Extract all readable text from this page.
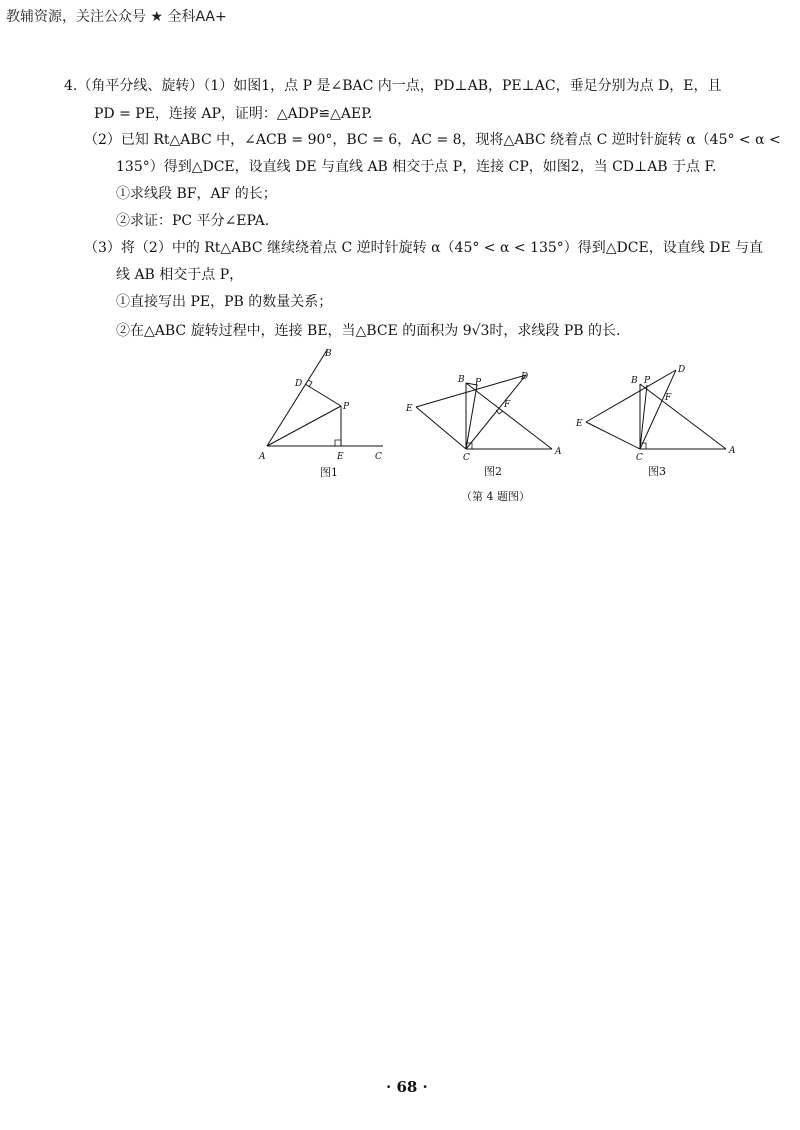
教辅资源，关注公众号 ★ 全科AA+
4.（角平分线、旋转）（1）如图1，点 P 是∠BAC 内一点，PD⊥AB，PE⊥AC，垂足分别为点 D，E，且
PD = PE，连接 AP，证明：△ADP≌△AEP.
（2）已知 Rt△ABC 中，∠ACB = 90°，BC = 6，AC = 8，现将△ABC 绕着点 C 逆时针旋转 α（45° < α <
135°）得到△DCE，设直线 DE 与直线 AB 相交于点 P，连接 CP，如图2，当 CD⊥AB 于点 F.
①求线段 BF，AF 的长；
②求证：PC 平分∠EPA.
（3）将（2）中的 Rt△ABC 继续绕着点 C 逆时针旋转 α（45° < α < 135°）得到△DCE，设直线 DE 与直
线 AB 相交于点 P，
①直接写出 PE，PB 的数量关系；
②在△ABC 旋转过程中，连接 BE，当△BCE 的面积为 9√3时，求线段 PB 的长.
B
D
P
A	E	C
图1
B P
D
F
E
C
A
图2
B P
D
F
E
C
A
图3
（第 4 题图）
· 68 ·
